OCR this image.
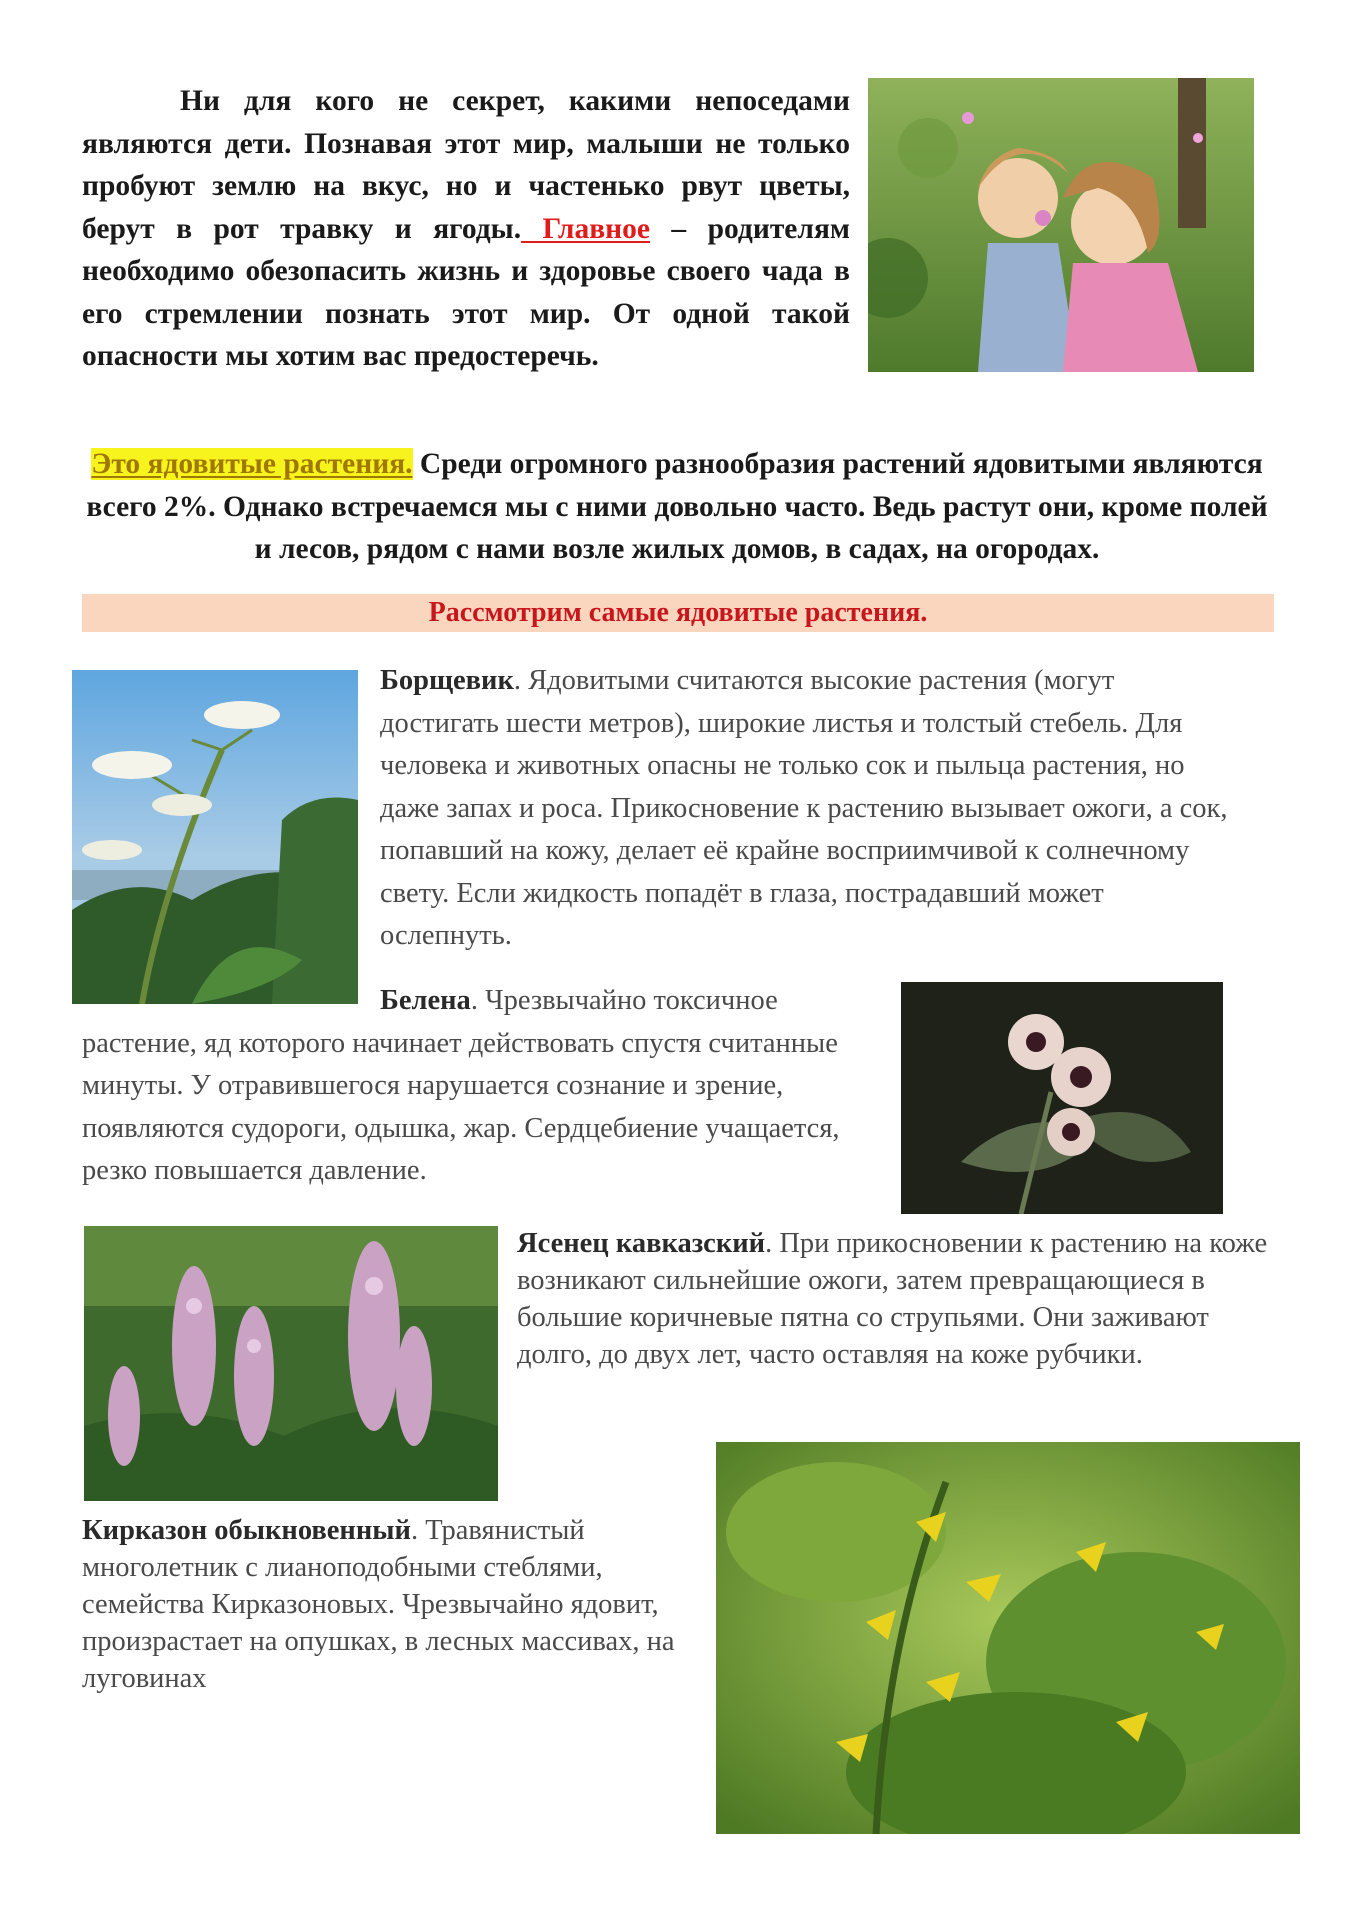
Ни для кого не секрет, какими непоседами являются дети. Познавая этот мир, малыши не только пробуют землю на вкус, но и частенько рвут цветы, берут в рот травку и ягоды. Главное – родителям необходимо обезопасить жизнь и здоровье своего чада в его стремлении познать этот мир. От одной такой опасности мы хотим вас предостеречь.
Это ядовитые растения. Среди огромного разнообразия растений ядовитыми являются всего 2%. Однако встречаемся мы с ними довольно часто. Ведь растут они, кроме полей и лесов, рядом с нами возле жилых домов, в садах, на огородах.
Рассмотрим самые ядовитые растения.
Борщевик. Ядовитыми считаются высокие растения (могут достигать шести метров), широкие листья и толстый стебель. Для человека и животных опасны не только сок и пыльца растения, но даже запах и роса. Прикосновение к растению вызывает ожоги, а сок, попавший на кожу, делает её крайне восприимчивой к солнечному свету. Если жидкость попадёт в глаза, пострадавший может ослепнуть.
Белена. Чрезвычайно токсичное растение, яд которого начинает действовать спустя считанные минуты. У отравившегося нарушается сознание и зрение, появляются судороги, одышка, жар. Сердцебиение учащается, резко повышается давление.
Ясенец кавказский. При прикосновении к растению на коже возникают сильнейшие ожоги, затем превращающиеся в большие коричневые пятна со струпьями. Они заживают долго, до двух лет, часто оставляя на коже рубчики.
Кирказон обыкновенный. Травянистый многолетник с лианоподобными стеблями, семейства Кирказоновых. Чрезвычайно ядовит, произрастает на опушках, в лесных массивах, на луговинах
